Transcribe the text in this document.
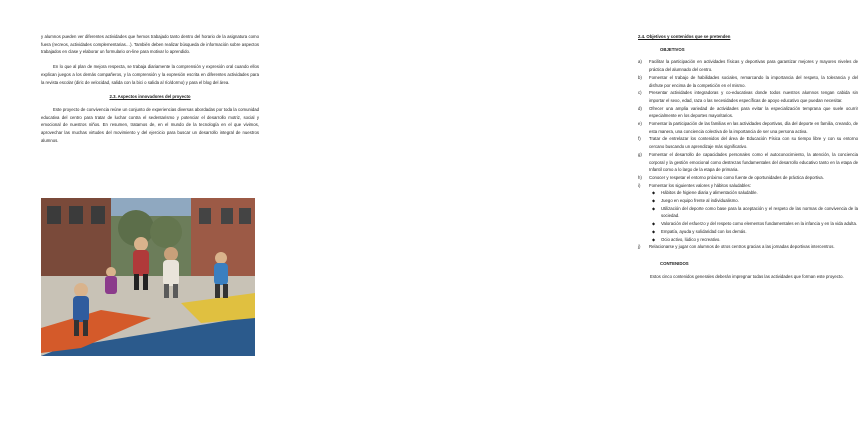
y alumnos pueden ver diferentes actividades que hemos trabajado tanto dentro del horario de la asignatura como fuera (recreos, actividades complementarias…). También deben realizar búsqueda de información sobre aspectos trabajados en clase y elaborar un formulario on-line para motivar lo aprendido.

En lo que al plan de mejora respecta, se trabaja diariamente la comprensión y expresión oral cuando ellos explican juegos a los demás compañeros, y la comprensión y la expresión escrita en diferentes actividades para la revista escolar (diric de velocidad, salida con la bici o salida al río/dormo) y para el blog del área.

2.3. Aspectos innovadores del proyecto

Este proyecto de convivencia reúne un conjunto de experiencias diversas abordadas por toda la comunidad educativa del centro para tratar de luchar contra el sedentarismo y potenciar el desarrollo motriz, social y emocional de nuestros niños. En resumen, tratamos de, en el mundo de la tecnología en el que vivimos, aprovechar las muchas virtudes del movimiento y del ejercicio para buscar un desarrollo integral de nuestros alumnos.

2.4. Objetivos y contenidos que se pretenden

OBJETIVOS

a) Facilitar la participación en actividades físicas y deportivas para garantizar mejores y mayores niveles de práctica del alumnado del centro.
b) Fomentar el trabajo de habilidades sociales, remarcando la importancia del respeto, la tolerancia y del disfrute por encima de la competición en el mismo.
c) Presentar actividades integradoras y co-educativas donde todos nuestros alumnos tengan cabida sin importar el sexo, edad, raza o las necesidades específicas de apoyo educativo que puedan necesitar.
d) Ofrecer una amplia variedad de actividades para evitar la especialización temprana que suele ocurrir especialmente en los deportes mayoritarios.
e) Fomentar la participación de las familias en las actividades deportivas, día del deporte en familia, creando, de esta manera, una conciencia colectiva de la importancia de ser una persona activa.
f) Tratar de entrelazar los contenidos del área de Educación Física con su tiempo libre y con su entorno cercano buscando un aprendizaje más significativo.
g) Fomentar el desarrollo de capacidades personales como el autoconocimiento, la atención, la conciencia corporal y la gestión emocional como destrezas fundamentales del desarrollo educativo tanto en la etapa de Infantil como a lo largo de la etapa de primaria.
h) Conocer y respetar el entorno próximo como fuente de oportunidades de práctica deportiva.
i) Fomentar los siguientes valores y hábitos saludables:
◆ Hábitos de higiene diaria y alimentación saludable.
◆ Juego en equipo frente al individualismo.
◆ Utilización del deporte como base para la aceptación y el respeto de las normas de convivencia de la sociedad.
◆ Valoración del esfuerzo y del respeto como elementos fundamentales en la infancia y en la vida adulta.
◆ Empatía, ayuda y solidaridad con los demás.
◆ Ocio activo, lúdico y recreativo.
j) Relacionarse y jugar con alumnos de otros centros gracias a las jornadas deportivas intercentros.

CONTENIDOS

Estos cinco contenidos generales deberán impregnar todas las actividades que forman este proyecto.
